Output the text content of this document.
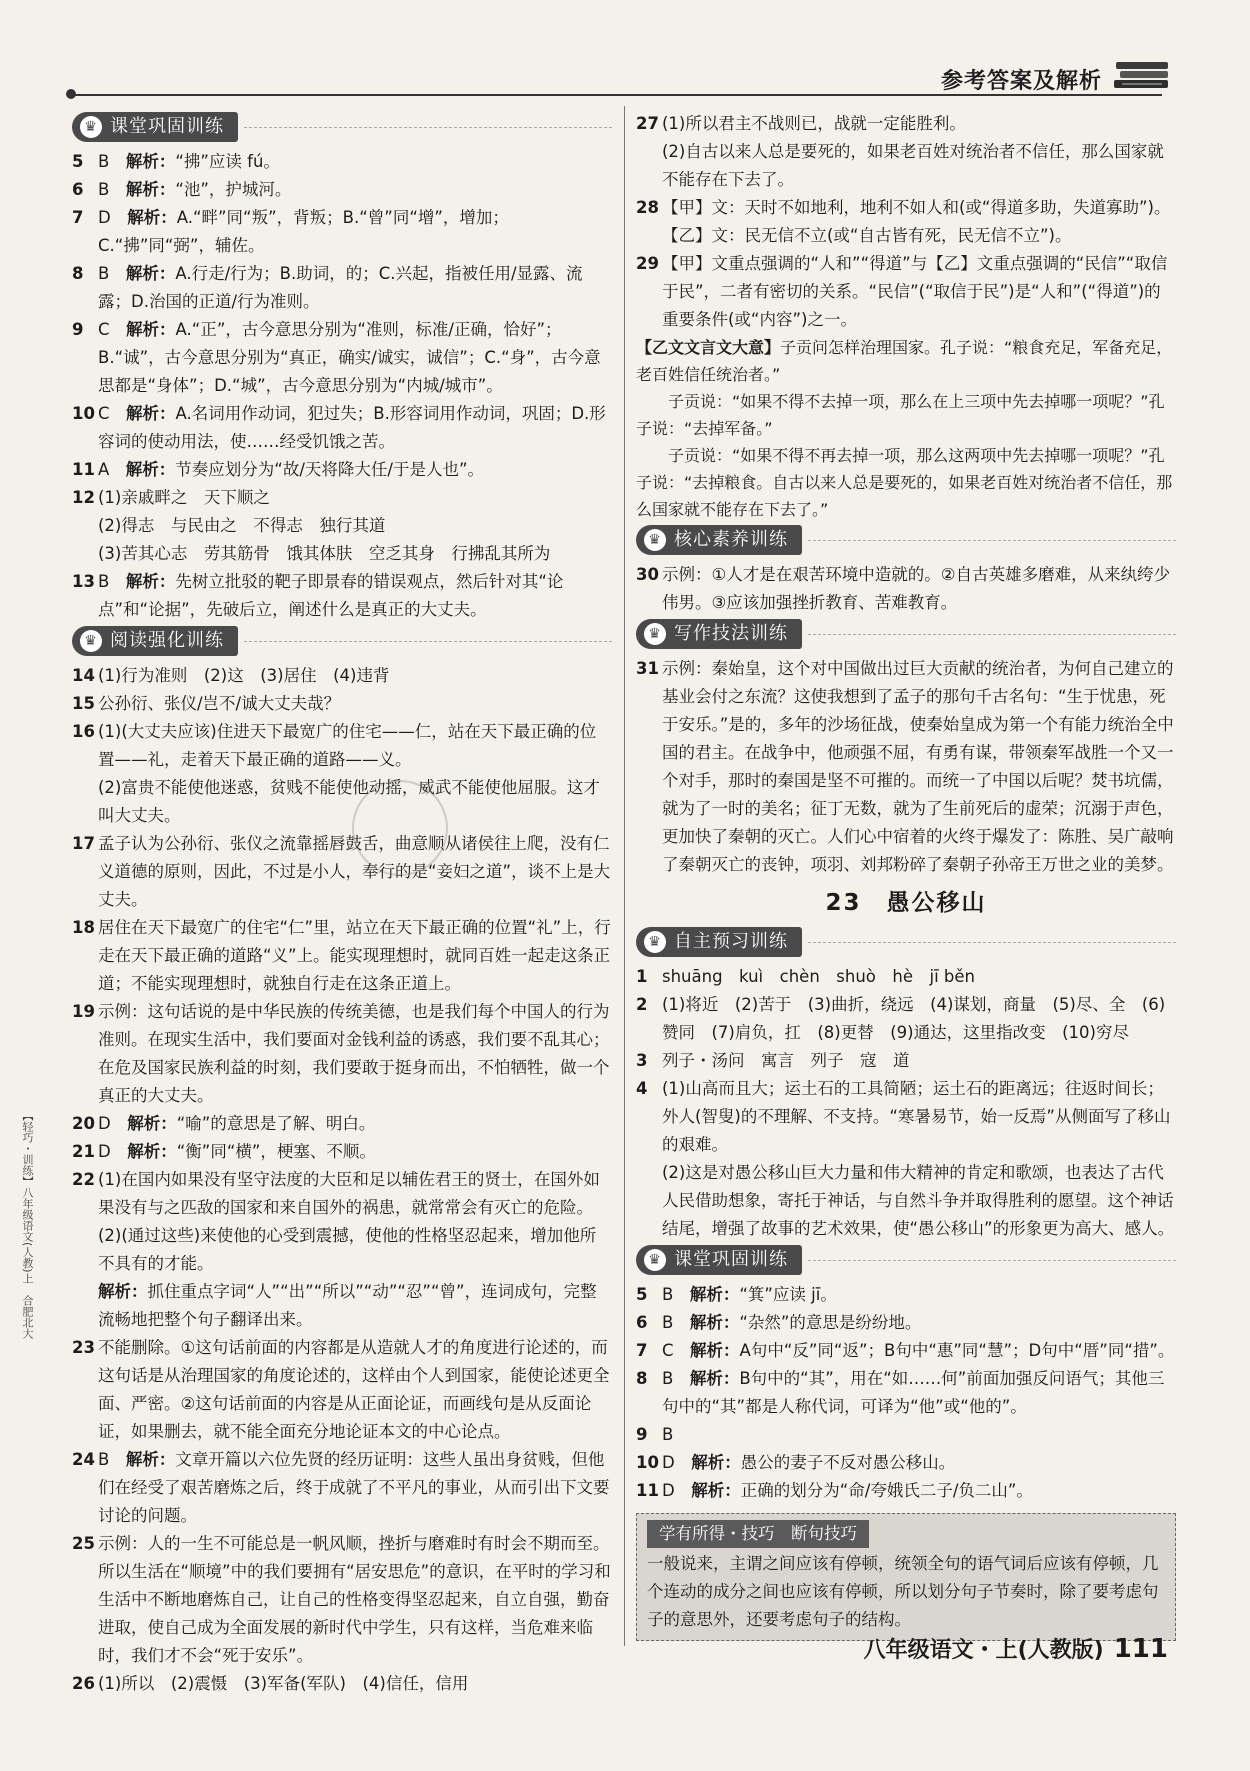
参考答案及解析
♛ 课堂巩固训练
5 B　 解析：“拂”应读 fú。
6 B　 解析：“池”，护城河。
7 D　 解析：A.“畔”同“叛”，背叛；B.“曾”同“增”，增加；C.“拂”同“弼”，辅佐。
8 B　 解析：A.行走/行为；B.助词，的；C.兴起，指被任用/显露、流露；D.治国的正道/行为准则。
9 C　 解析：A.“正”，古今意思分别为“准则，标准/正确，恰好”；B.“诚”，古今意思分别为“真正，确实/诚实，诚信”；C.“身”，古今意思都是“身体”；D.“城”，古今意思分别为“内城/城市”。
10 C　 解析：A.名词用作动词，犯过失；B.形容词用作动词，巩固；D.形容词的使动用法，使……经受饥饿之苦。
11 A　 解析：节奏应划分为“故/天将降大任/于是人也”。
12 (1)亲戚畔之　天下顺之
(2)得志　与民由之　不得志　独行其道
(3)苦其心志　劳其筋骨　饿其体肤　空乏其身　行拂乱其所为
13 B　 解析：先树立批驳的靶子即景春的错误观点，然后针对其“论点”和“论据”，先破后立，阐述什么是真正的大丈夫。
♛ 阅读强化训练
14 (1)行为准则　(2)这　(3)居住　(4)违背
15 公孙衍、张仪/岂不/诚大丈夫哉？
16 (1)(大丈夫应该)住进天下最宽广的住宅——仁，站在天下最正确的位置——礼，走着天下最正确的道路——义。
(2)富贵不能使他迷惑，贫贱不能使他动摇，威武不能使他屈服。这才叫大丈夫。
17 孟子认为公孙衍、张仪之流靠摇唇鼓舌，曲意顺从诸侯往上爬，没有仁义道德的原则，因此，不过是小人，奉行的是“妾妇之道”，谈不上是大丈夫。
18 居住在天下最宽广的住宅“仁”里，站立在天下最正确的位置“礼”上，行走在天下最正确的道路“义”上。能实现理想时，就同百姓一起走这条正道；不能实现理想时，就独自行走在这条正道上。
19 示例：这句话说的是中华民族的传统美德，也是我们每个中国人的行为准则。在现实生活中，我们要面对金钱利益的诱惑，我们要不乱其心；在危及国家民族利益的时刻，我们要敢于挺身而出，不怕牺牲，做一个真正的大丈夫。
20 D　 解析：“喻”的意思是了解、明白。
21 D　 解析：“衡”同“横”，梗塞、不顺。
22 (1)在国内如果没有坚守法度的大臣和足以辅佐君王的贤士，在国外如果没有与之匹敌的国家和来自国外的祸患，就常常会有灭亡的危险。
(2)(通过这些)来使他的心受到震撼，使他的性格坚忍起来，增加他所不具有的才能。
解析：抓住重点字词“人”“出”“所以”“动”“忍”“曾”，连词成句，完整流畅地把整个句子翻译出来。
23 不能删除。①这句话前面的内容都是从造就人才的角度进行论述的，而这句话是从治理国家的角度论述的，这样由个人到国家，能使论述更全面、严密。②这句话前面的内容是从正面论证，而画线句是从反面论证，如果删去，就不能全面充分地论证本文的中心论点。
24 B　 解析：文章开篇以六位先贤的经历证明：这些人虽出身贫贱，但他们在经受了艰苦磨炼之后，终于成就了不平凡的事业，从而引出下文要讨论的问题。
25 示例：人的一生不可能总是一帆风顺，挫折与磨难时有时会不期而至。所以生活在“顺境”中的我们要拥有“居安思危”的意识，在平时的学习和生活中不断地磨炼自己，让自己的性格变得坚忍起来，自立自强，勤奋进取，使自己成为全面发展的新时代中学生，只有这样，当危难来临时，我们才不会“死于安乐”。
26 (1)所以　(2)震慑　(3)军备(军队)　(4)信任，信用
27 (1)所以君主不战则已，战就一定能胜利。
(2)自古以来人总是要死的，如果老百姓对统治者不信任，那么国家就不能存在下去了。
28 【甲】文：天时不如地利，地利不如人和(或“得道多助，失道寡助”)。【乙】文：民无信不立(或“自古皆有死，民无信不立”)。
29 【甲】文重点强调的“人和”“得道”与【乙】文重点强调的“民信”“取信于民”，二者有密切的关系。“民信”(“取信于民”)是“人和”(“得道”)的重要条件(或“内容”)之一。
【乙文文言文大意】子贡问怎样治理国家。孔子说：“粮食充足，军备充足，老百姓信任统治者。”
子贡说：“如果不得不去掉一项，那么在上三项中先去掉哪一项呢？”孔子说：“去掉军备。”
子贡说：“如果不得不再去掉一项，那么这两项中先去掉哪一项呢？”孔子说：“去掉粮食。自古以来人总是要死的，如果老百姓对统治者不信任，那么国家就不能存在下去了。”
♛ 核心素养训练
30 示例：①人才是在艰苦环境中造就的。②自古英雄多磨难，从来纨绔少伟男。③应该加强挫折教育、苦难教育。
♛ 写作技法训练
31 示例：秦始皇，这个对中国做出过巨大贡献的统治者，为何自己建立的基业会付之东流？这使我想到了孟子的那句千古名句：“生于忧患，死于安乐。”是的，多年的沙场征战，使秦始皇成为第一个有能力统治全中国的君主。在战争中，他顽强不屈，有勇有谋，带领秦军战胜一个又一个对手，那时的秦国是坚不可摧的。而统一了中国以后呢？焚书坑儒，就为了一时的美名；征丁无数，就为了生前死后的虚荣；沉溺于声色，更加快了秦朝的灭亡。人们心中宿着的火终于爆发了：陈胜、吴广敲响了秦朝灭亡的丧钟，项羽、刘邦粉碎了秦朝子孙帝王万世之业的美梦。
23　愚公移山
♛ 自主预习训练
1 shuāng　kuì　chèn　shuò　hè　jī běn
2 (1)将近　(2)苦于　(3)曲折，绕远　(4)谋划，商量　(5)尽、全　(6)赞同　(7)肩负，扛　(8)更替　(9)通达，这里指改变　(10)穷尽
3 列子・汤问　寓言　列子　寇　道
4 (1)山高而且大；运土石的工具简陋；运土石的距离远；往返时间长；外人(智叟)的不理解、不支持。“寒暑易节，始一反焉”从侧面写了移山的艰难。
(2)这是对愚公移山巨大力量和伟大精神的肯定和歌颂，也表达了古代人民借助想象，寄托于神话，与自然斗争并取得胜利的愿望。这个神话结尾，增强了故事的艺术效果，使“愚公移山”的形象更为高大、感人。
♛ 课堂巩固训练
5 B　 解析：“箕”应读 jī。
6 B　 解析：“杂然”的意思是纷纷地。
7 C　 解析：A句中“反”同“返”；B句中“惠”同“慧”；D句中“厝”同“措”。
8 B　 解析：B句中的“其”，用在“如……何”前面加强反问语气；其他三句中的“其”都是人称代词，可译为“他”或“他的”。
9 B
10 D　 解析：愚公的妻子不反对愚公移山。
11 D　 解析：正确的划分为“命/夸娥氏二子/负二山”。
学有所得・技巧　断句技巧
一般说来，主谓之间应该有停顿，统领全句的语气词后应该有停顿，几个连动的成分之间也应该有停顿，所以划分句子节奏时，除了要考虑句子的意思外，还要考虑句子的结构。
八年级语文・上(人教版) 111
【轻巧・训练】八年级语文(人教)上　合肥北大
